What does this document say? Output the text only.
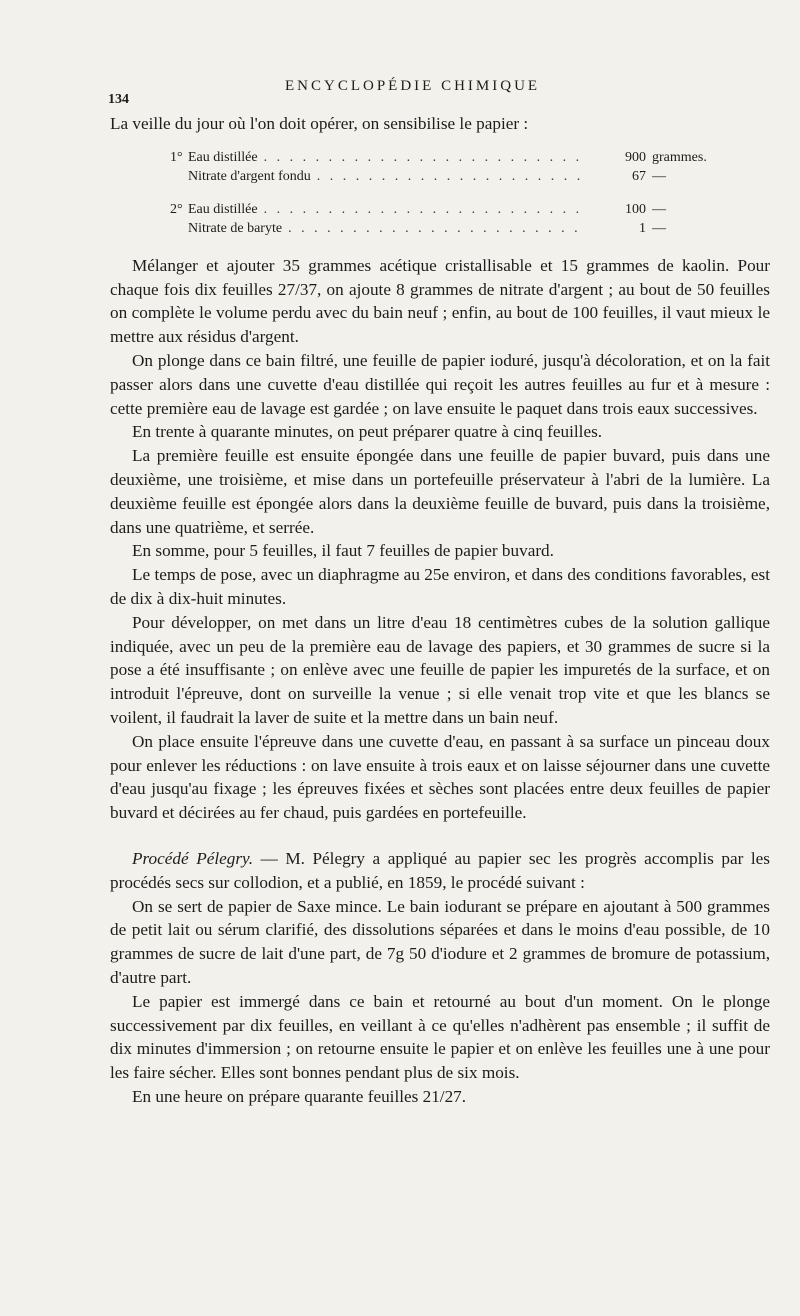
134
ENCYCLOPÉDIE CHIMIQUE

La veille du jour où l'on doit opérer, on sensibilise le papier :

1° Eau distillée . . .	900 grammes.
Nitrate d'argent fondu . . .	67 —
2° Eau distillée . . .	100 —
Nitrate de baryte . . .	1 —

Mélanger et ajouter 35 grammes acétique cristallisable et 15 grammes de kaolin. Pour chaque fois dix feuilles 27/37, on ajoute 8 grammes de nitrate d'argent ; au bout de 50 feuilles on complète le volume perdu avec du bain neuf ; enfin, au bout de 100 feuilles, il vaut mieux le mettre aux résidus d'argent.

On plonge dans ce bain filtré, une feuille de papier ioduré, jusqu'à décoloration, et on la fait passer alors dans une cuvette d'eau distillée qui reçoit les autres feuilles au fur et à mesure : cette première eau de lavage est gardée ; on lave ensuite le paquet dans trois eaux successives.

En trente à quarante minutes, on peut préparer quatre à cinq feuilles.

La première feuille est ensuite épongée dans une feuille de papier buvard, puis dans une deuxième, une troisième, et mise dans un portefeuille préservateur à l'abri de la lumière. La deuxième feuille est épongée alors dans la deuxième feuille de buvard, puis dans la troisième, dans une quatrième, et serrée.

En somme, pour 5 feuilles, il faut 7 feuilles de papier buvard.

Le temps de pose, avec un diaphragme au 25e environ, et dans des conditions favorables, est de dix à dix-huit minutes.

Pour développer, on met dans un litre d'eau 18 centimètres cubes de la solution gallique indiquée, avec un peu de la première eau de lavage des papiers, et 30 grammes de sucre si la pose a été insuffisante ; on enlève avec une feuille de papier les impuretés de la surface, et on introduit l'épreuve, dont on surveille la venue ; si elle venait trop vite et que les blancs se voilent, il faudrait la laver de suite et la mettre dans un bain neuf.

On place ensuite l'épreuve dans une cuvette d'eau, en passant à sa surface un pinceau doux pour enlever les réductions : on lave ensuite à trois eaux et on laisse séjourner dans une cuvette d'eau jusqu'au fixage ; les épreuves fixées et sèches sont placées entre deux feuilles de papier buvard et décirées au fer chaud, puis gardées en portefeuille.

Procédé Pélegry. — M. Pélegry a appliqué au papier sec les progrès accomplis par les procédés secs sur collodion, et a publié, en 1859, le procédé suivant :

On se sert de papier de Saxe mince. Le bain iodurant se prépare en ajoutant à 500 grammes de petit lait ou sérum clarifié, des dissolutions séparées et dans le moins d'eau possible, de 10 grammes de sucre de lait d'une part, de 7g 50 d'iodure et 2 grammes de bromure de potassium, d'autre part.

Le papier est immergé dans ce bain et retourné au bout d'un moment. On le plonge successivement par dix feuilles, en veillant à ce qu'elles n'adhèrent pas ensemble ; il suffit de dix minutes d'immersion ; on retourne ensuite le papier et on enlève les feuilles une à une pour les faire sécher. Elles sont bonnes pendant plus de six mois.

En une heure on prépare quarante feuilles 21/27.
